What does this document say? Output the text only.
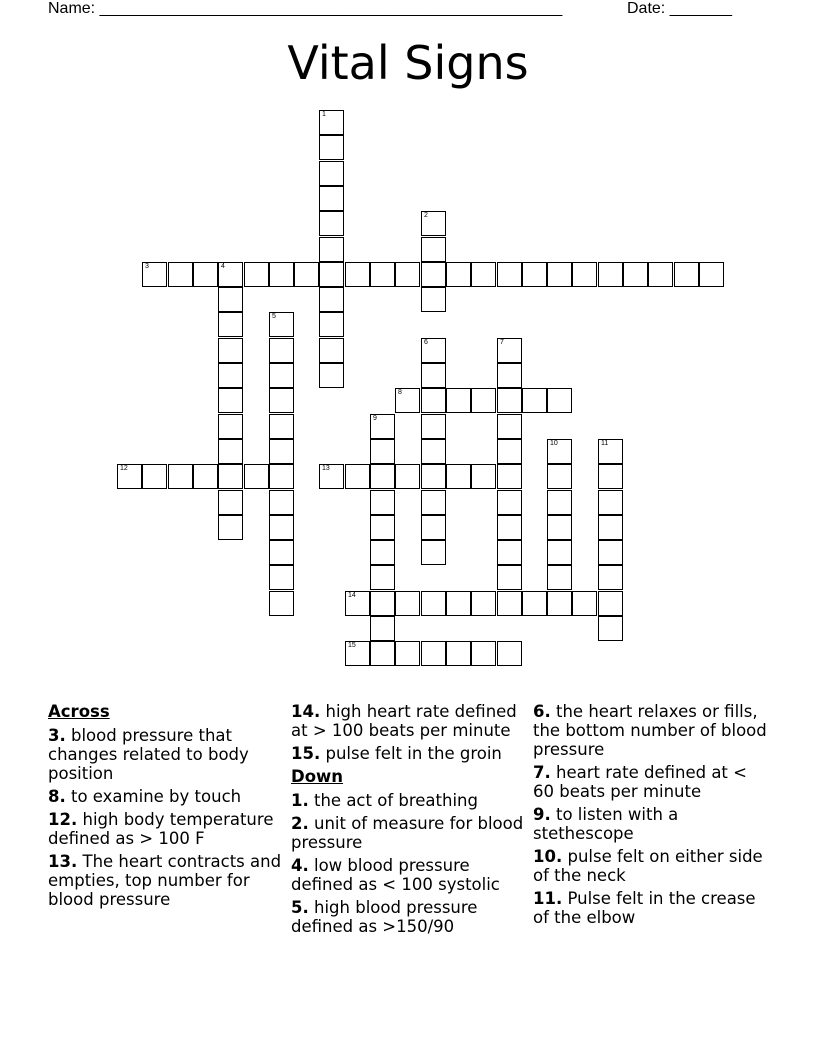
Name: ____________________________________________________	Date: _______
Vital Signs
1
2
3	4
5
6	7
8
9
10	11
12	13
14
15
Across
3. blood pressure that changes related to body position
8. to examine by touch
12. high body temperature defined as > 100 F
13. The heart contracts and empties, top number for blood pressure
14. high heart rate defined at > 100 beats per minute
15. pulse felt in the groin
Down
1. the act of breathing
2. unit of measure for blood pressure
4. low blood pressure defined as < 100 systolic
5. high blood pressure defined as >150/90
6. the heart relaxes or fills, the bottom number of blood pressure
7. heart rate defined at < 60 beats per minute
9. to listen with a stethescope
10. pulse felt on either side of the neck
11. Pulse felt in the crease of the elbow
